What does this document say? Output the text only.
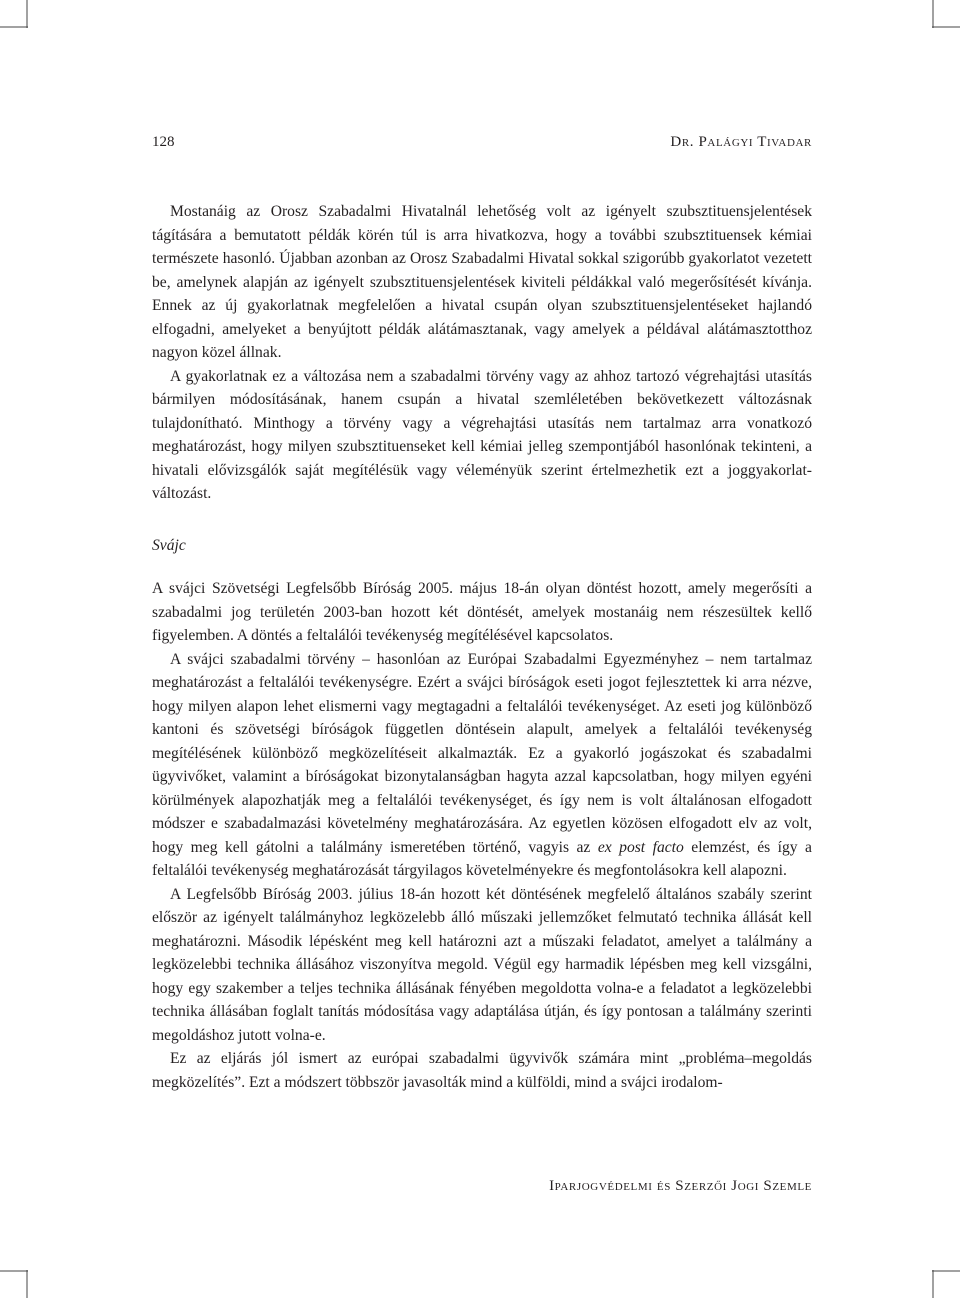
128	Dr. Palágyi Tivadar

Mostanáig az Orosz Szabadalmi Hivatalnál lehetőség volt az igényelt szubsztituensjelentések tágítására a bemutatott példák körén túl is arra hivatkozva, hogy a további szubsztituensek kémiai természete hasonló. Újabban azonban az Orosz Szabadalmi Hivatal sokkal szigorúbb gyakorlatot vezetett be, amelynek alapján az igényelt szubsztituensjelentések kiviteli példákkal való megerősítését kívánja. Ennek az új gyakorlatnak megfelelően a hivatal csupán olyan szubsztituensjelentéseket hajlandó elfogadni, amelyeket a benyújtott példák alátámasztanak, vagy amelyek a példával alátámasztotthoz nagyon közel állnak.

A gyakorlatnak ez a változása nem a szabadalmi törvény vagy az ahhoz tartozó végrehajtási utasítás bármilyen módosításának, hanem csupán a hivatal szemléletében bekövetkezett változásnak tulajdonítható. Minthogy a törvény vagy a végrehajtási utasítás nem tartalmaz arra vonatkozó meghatározást, hogy milyen szubsztituenseket kell kémiai jelleg szempontjából hasonlónak tekinteni, a hivatali elővizsgálók saját megítélésük vagy véleményük szerint értelmezhetik ezt a joggyakorlat-változást.

Svájc

A svájci Szövetségi Legfelsőbb Bíróság 2005. május 18-án olyan döntést hozott, amely megerősíti a szabadalmi jog területén 2003-ban hozott két döntését, amelyek mostanáig nem részesültek kellő figyelemben. A döntés a feltalálói tevékenység megítélésével kapcsolatos.

A svájci szabadalmi törvény – hasonlóan az Európai Szabadalmi Egyezményhez – nem tartalmaz meghatározást a feltalálói tevékenységre. Ezért a svájci bíróságok eseti jogot fejlesztettek ki arra nézve, hogy milyen alapon lehet elismerni vagy megtagadni a feltalálói tevékenységet. Az eseti jog különböző kantoni és szövetségi bíróságok független döntésein alapult, amelyek a feltalálói tevékenység megítélésének különböző megközelítéseit alkalmazták. Ez a gyakorló jogászokat és szabadalmi ügyvivőket, valamint a bíróságokat bizonytalanságban hagyta azzal kapcsolatban, hogy milyen egyéni körülmények alapozhatják meg a feltalálói tevékenységet, és így nem is volt általánosan elfogadott módszer e szabadalmazási követelmény meghatározására. Az egyetlen közösen elfogadott elv az volt, hogy meg kell gátolni a találmány ismeretében történő, vagyis az ex post facto elemzést, és így a feltalálói tevékenység meghatározását tárgyilagos követelményekre és megfontolásokra kell alapozni.

A Legfelsőbb Bíróság 2003. július 18-án hozott két döntésének megfelelő általános szabály szerint először az igényelt találmányhoz legközelebb álló műszaki jellemzőket felmutató technika állását kell meghatározni. Második lépésként meg kell határozni azt a műszaki feladatot, amelyet a találmány a legközelebbi technika állásához viszonyítva megold. Végül egy harmadik lépésben meg kell vizsgálni, hogy egy szakember a teljes technika állásának fényében megoldotta volna-e a feladatot a legközelebbi technika állásában foglalt tanítás módosítása vagy adaptálása útján, és így pontosan a találmány szerinti megoldáshoz jutott volna-e.

Ez az eljárás jól ismert az európai szabadalmi ügyvivők számára mint „probléma–megoldás megközelítés”. Ezt a módszert többször javasolták mind a külföldi, mind a svájci irodalom-

Iparjogvédelmi és Szerzői Jogi Szemle
